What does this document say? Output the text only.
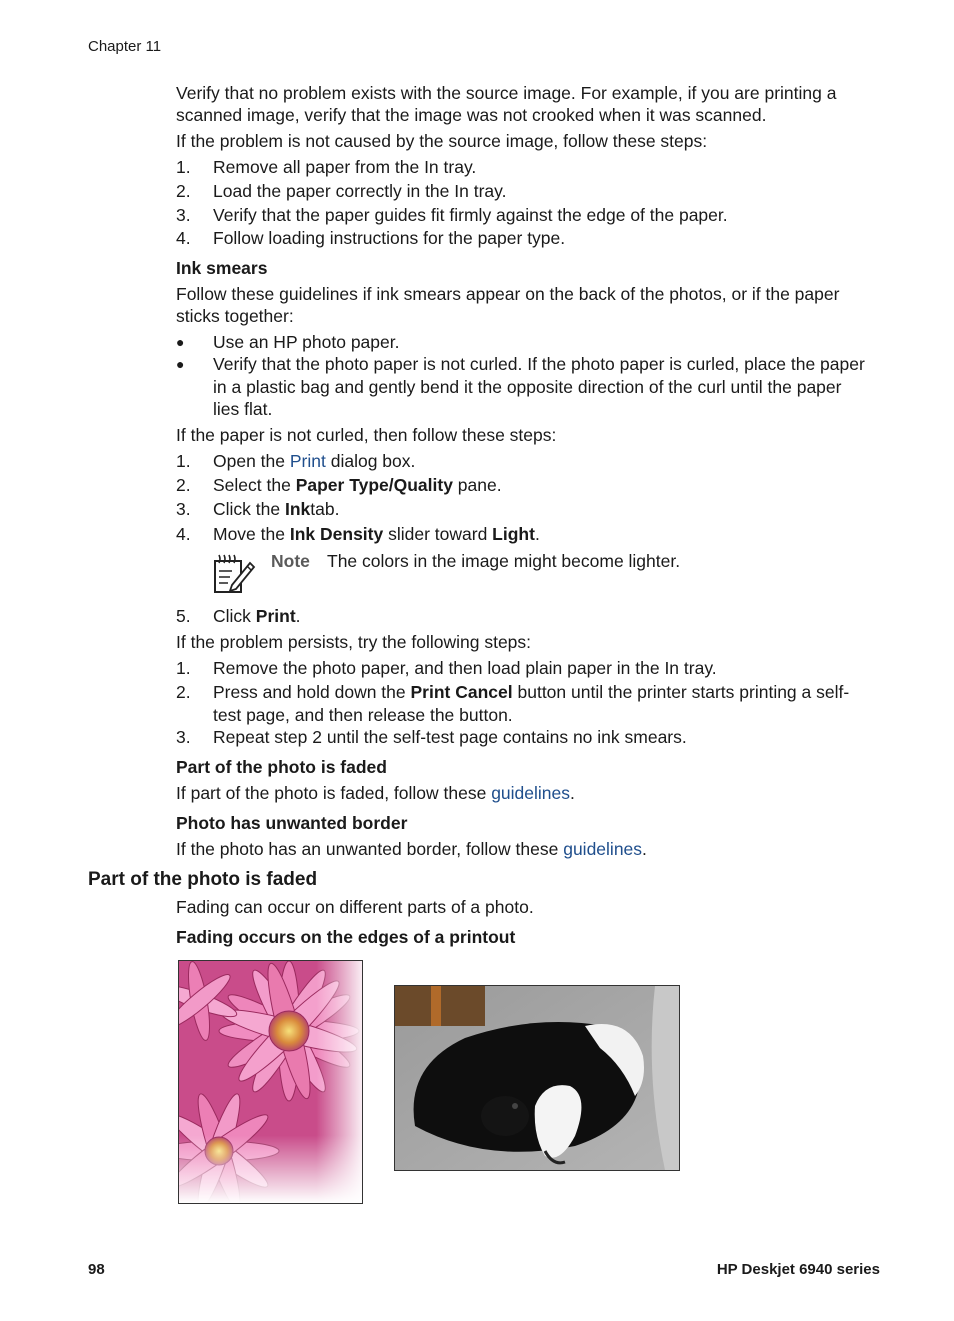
Chapter 11
Verify that no problem exists with the source image. For example, if you are printing a
scanned image, verify that the image was not crooked when it was scanned.
If the problem is not caused by the source image, follow these steps:
1. Remove all paper from the In tray.
2. Load the paper correctly in the In tray.
3. Verify that the paper guides fit firmly against the edge of the paper.
4. Follow loading instructions for the paper type.
Ink smears
Follow these guidelines if ink smears appear on the back of the photos, or if the paper
sticks together:
● Use an HP photo paper.
● Verify that the photo paper is not curled. If the photo paper is curled, place the paper
in a plastic bag and gently bend it the opposite direction of the curl until the paper
lies flat.
If the paper is not curled, then follow these steps:
1. Open the Print dialog box.
2. Select the Paper Type/Quality pane.
3. Click the Inktab.
4. Move the Ink Density slider toward Light.
Note The colors in the image might become lighter.
5. Click Print.
If the problem persists, try the following steps:
1. Remove the photo paper, and then load plain paper in the In tray.
2. Press and hold down the Print Cancel button until the printer starts printing a self-
test page, and then release the button.
3. Repeat step 2 until the self-test page contains no ink smears.
Part of the photo is faded
If part of the photo is faded, follow these guidelines.
Photo has unwanted border
If the photo has an unwanted border, follow these guidelines.
Part of the photo is faded
Fading can occur on different parts of a photo.
Fading occurs on the edges of a printout
98	HP Deskjet 6940 series
